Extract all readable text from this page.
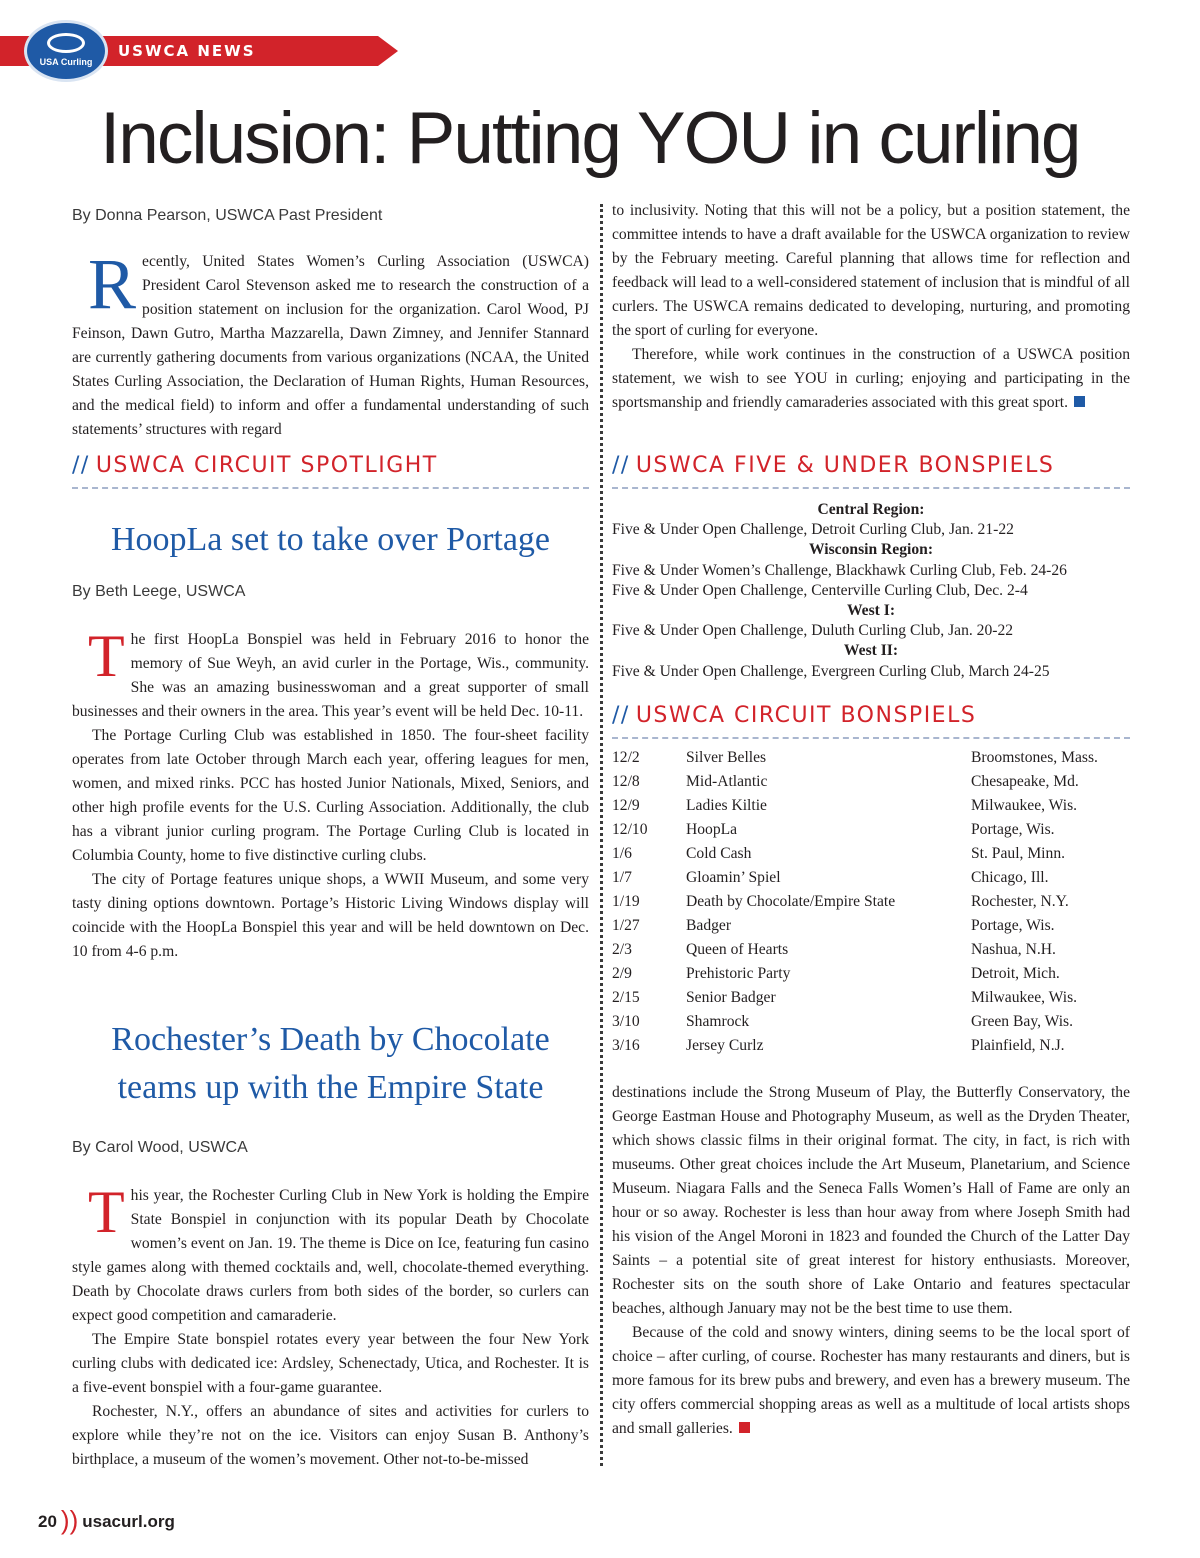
USWCA NEWS
USA Curling
Inclusion: Putting YOU in curling
By Donna Pearson, USWCA Past President

Recently, United States Women’s Curling Association (USWCA) President Carol Stevenson asked me to research the construction of a position statement on inclusion for the organization. Carol Wood, PJ Feinson, Dawn Gutro, Martha Mazzarella, Dawn Zimney, and Jennifer Stannard are currently gathering documents from various organizations (NCAA, the United States Curling Association, the Declaration of Human Rights, Human Resources, and the medical field) to inform and offer a fundamental understanding of such statements’ structures with regard

to inclusivity. Noting that this will not be a policy, but a position statement, the committee intends to have a draft available for the USWCA organization to review by the February meeting. Careful planning that allows time for reflection and feedback will lead to a well-considered statement of inclusion that is mindful of all curlers. The USWCA remains dedicated to developing, nurturing, and promoting the sport of curling for everyone.

Therefore, while work continues in the construction of a USWCA position statement, we wish to see YOU in curling; enjoying and participating in the sportsmanship and friendly camaraderies associated with this great sport.

// USWCA CIRCUIT SPOTLIGHT
HoopLa set to take over Portage
By Beth Leege, USWCA

The first HoopLa Bonspiel was held in February 2016 to honor the memory of Sue Weyh, an avid curler in the Portage, Wis., community. She was an amazing businesswoman and a great supporter of small businesses and their owners in the area. This year’s event will be held Dec. 10-11.

The Portage Curling Club was established in 1850. The four-sheet facility operates from late October through March each year, offering leagues for men, women, and mixed rinks. PCC has hosted Junior Nationals, Mixed, Seniors, and other high profile events for the U.S. Curling Association. Additionally, the club has a vibrant junior curling program. The Portage Curling Club is located in Columbia County, home to five distinctive curling clubs.

The city of Portage features unique shops, a WWII Museum, and some very tasty dining options downtown. Portage’s Historic Living Windows display will coincide with the HoopLa Bonspiel this year and will be held downtown on Dec. 10 from 4-6 p.m.

Rochester’s Death by Chocolate
teams up with the Empire State
By Carol Wood, USWCA

This year, the Rochester Curling Club in New York is holding the Empire State Bonspiel in conjunction with its popular Death by Chocolate women’s event on Jan. 19. The theme is Dice on Ice, featuring fun casino style games along with themed cocktails and, well, chocolate-themed everything. Death by Chocolate draws curlers from both sides of the border, so curlers can expect good competition and camaraderie.

The Empire State bonspiel rotates every year between the four New York curling clubs with dedicated ice: Ardsley, Schenectady, Utica, and Rochester. It is a five-event bonspiel with a four-game guarantee.

Rochester, N.Y., offers an abundance of sites and activities for curlers to explore while they’re not on the ice. Visitors can enjoy Susan B. Anthony’s birthplace, a museum of the women’s movement. Other not-to-be-missed

// USWCA FIVE & UNDER BONSPIELS
Central Region:
Five & Under Open Challenge, Detroit Curling Club, Jan. 21-22
Wisconsin Region:
Five & Under Women’s Challenge, Blackhawk Curling Club, Feb. 24-26
Five & Under Open Challenge, Centerville Curling Club, Dec. 2-4
West I:
Five & Under Open Challenge, Duluth Curling Club, Jan. 20-22
West II:
Five & Under Open Challenge, Evergreen Curling Club, March 24-25
// USWCA CIRCUIT BONSPIELS
12/2	Silver Belles	Broomstones, Mass.
12/8	Mid-Atlantic	Chesapeake, Md.
12/9	Ladies Kiltie	Milwaukee, Wis.
12/10	HoopLa	Portage, Wis.
1/6	Cold Cash	St. Paul, Minn.
1/7	Gloamin’ Spiel	Chicago, Ill.
1/19	Death by Chocolate/Empire State	Rochester, N.Y.
1/27	Badger	Portage, Wis.
2/3	Queen of Hearts	Nashua, N.H.
2/9	Prehistoric Party	Detroit, Mich.
2/15	Senior Badger	Milwaukee, Wis.
3/10	Shamrock	Green Bay, Wis.
3/16	Jersey Curlz	Plainfield, N.J.

destinations include the Strong Museum of Play, the Butterfly Conservatory, the George Eastman House and Photography Museum, as well as the Dryden Theater, which shows classic films in their original format. The city, in fact, is rich with museums. Other great choices include the Art Museum, Planetarium, and Science Museum. Niagara Falls and the Seneca Falls Women’s Hall of Fame are only an hour or so away. Rochester is less than hour away from where Joseph Smith had his vision of the Angel Moroni in 1823 and founded the Church of the Latter Day Saints – a potential site of great interest for history enthusiasts. Moreover, Rochester sits on the south shore of Lake Ontario and features spectacular beaches, although January may not be the best time to use them.

Because of the cold and snowy winters, dining seems to be the local sport of choice – after curling, of course. Rochester has many restaurants and diners, but is more famous for its brew pubs and brewery, and even has a brewery museum. The city offers commercial shopping areas as well as a multitude of local artists shops and small galleries.

20 )) usacurl.org
